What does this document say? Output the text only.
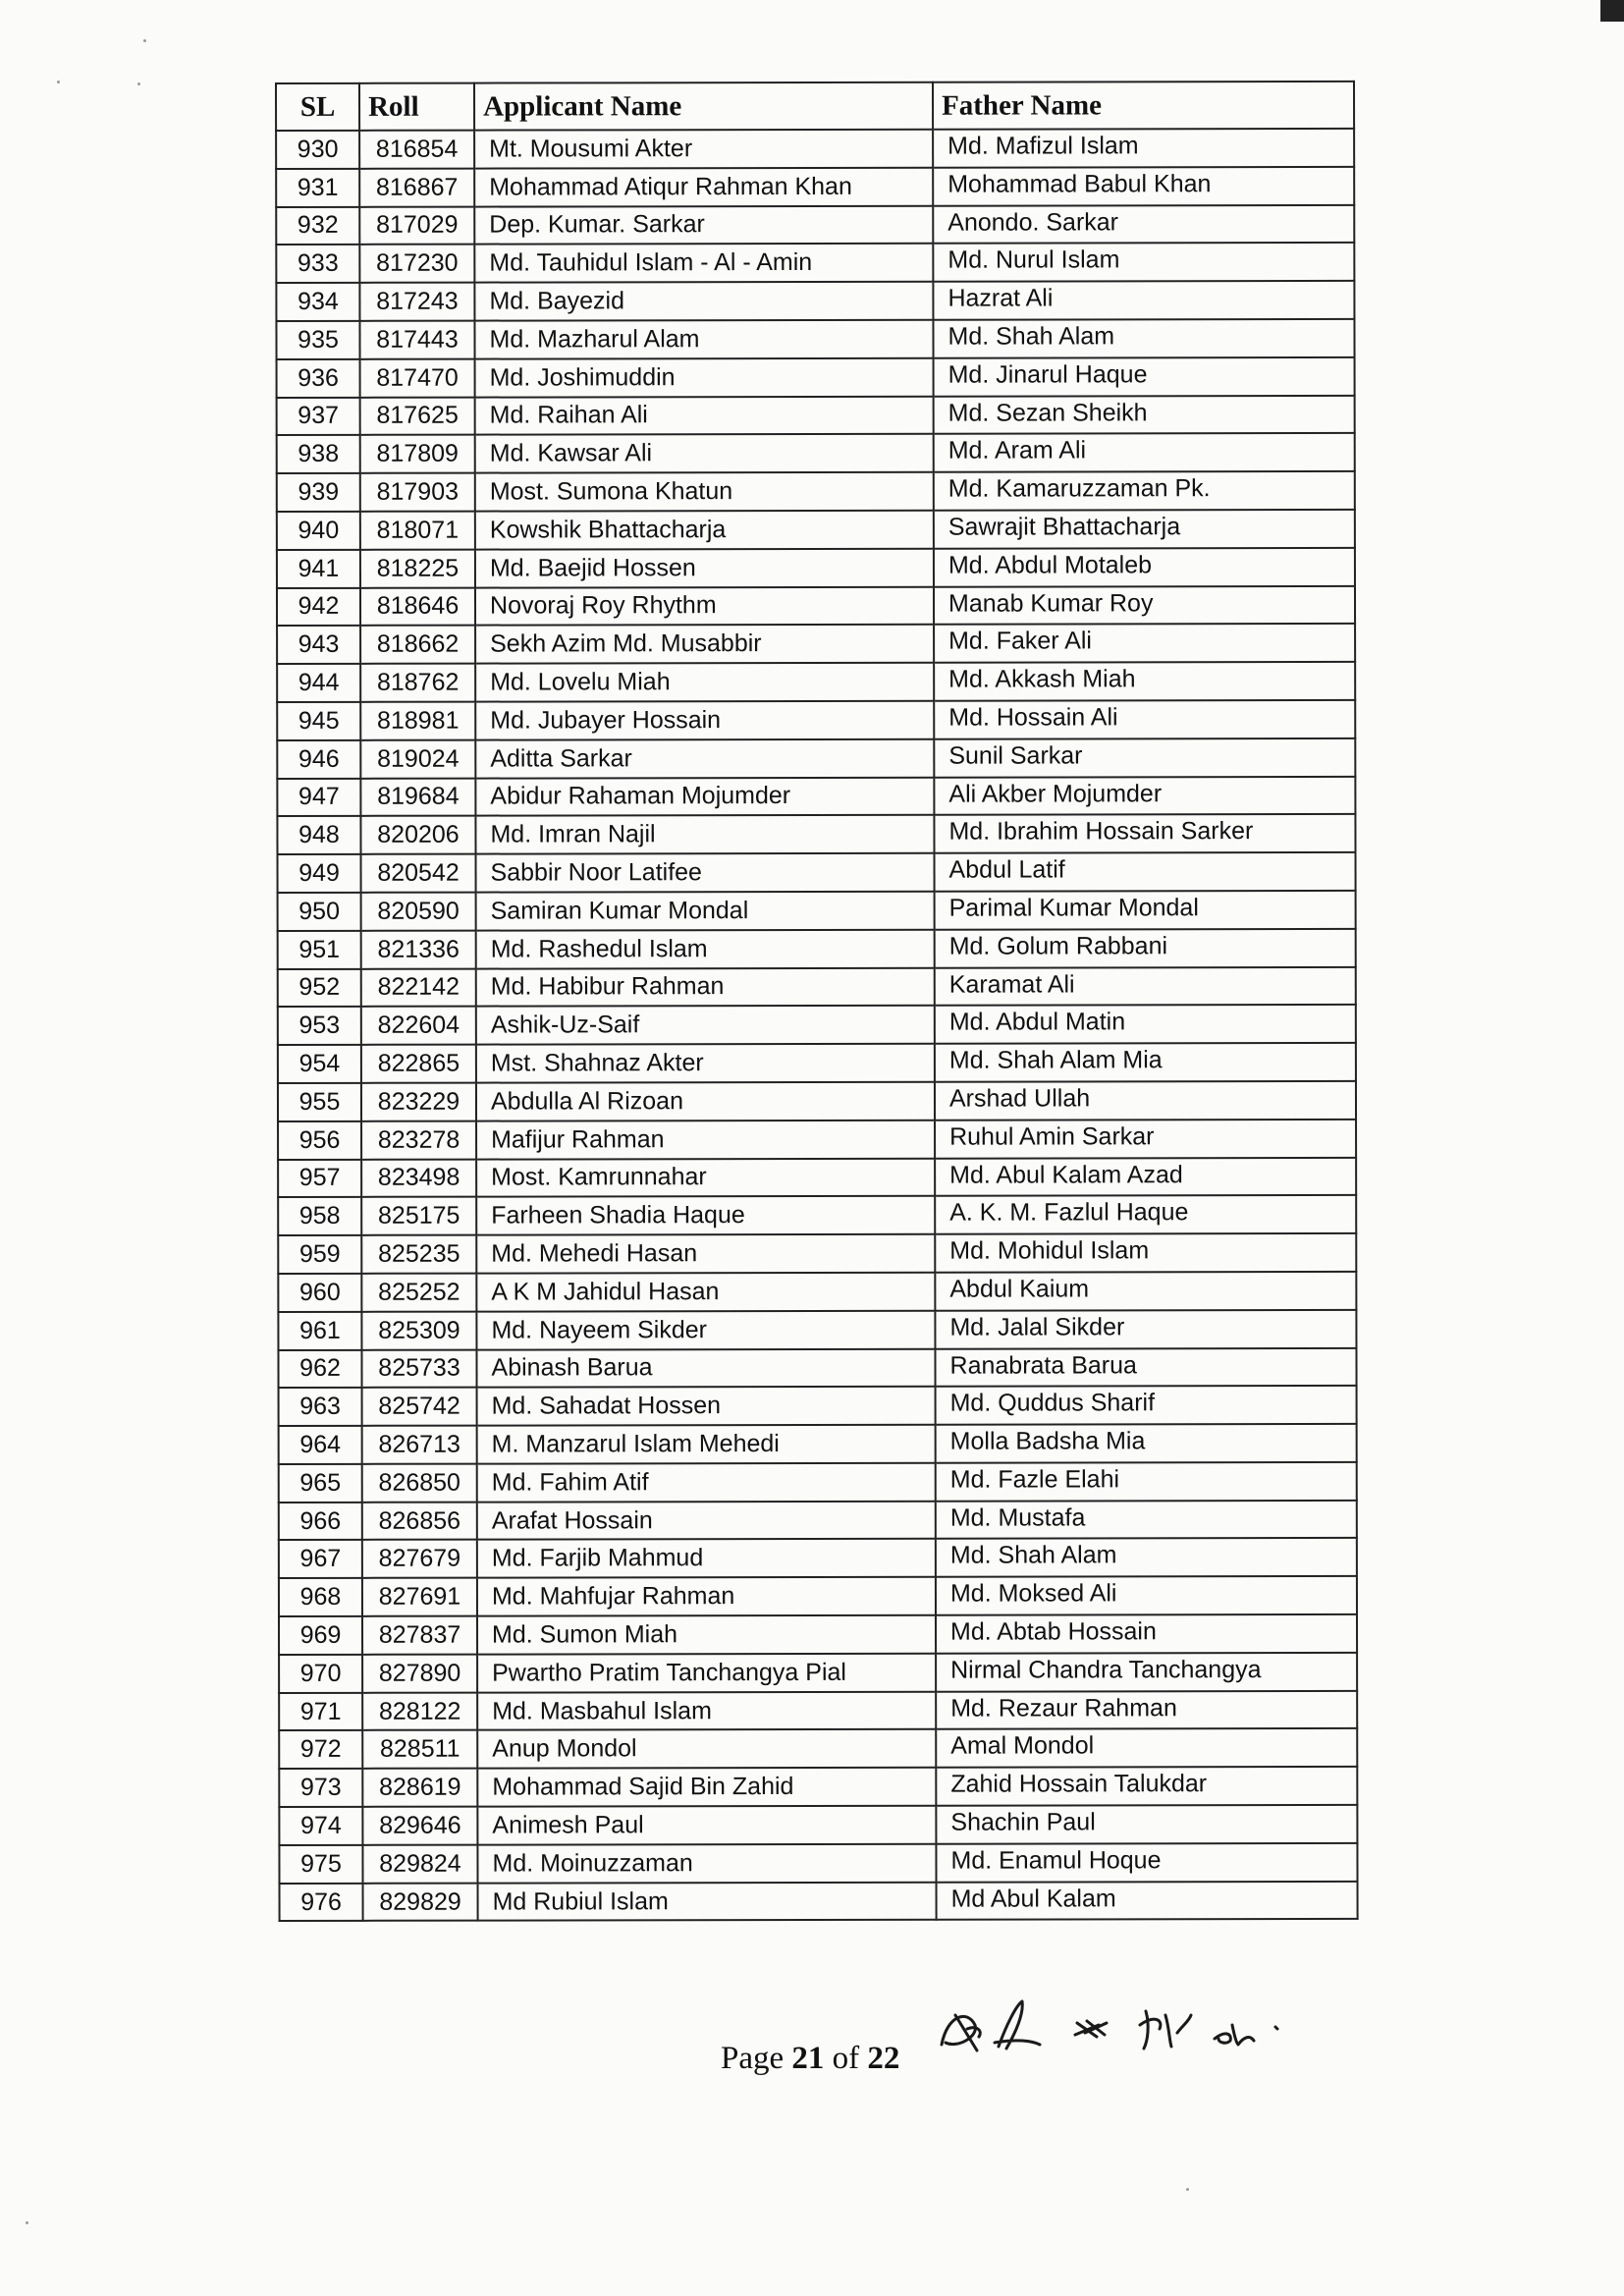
SL	Roll	Applicant Name	Father Name
930	816854	Mt. Mousumi Akter	Md. Mafizul Islam
931	816867	Mohammad Atiqur Rahman Khan	Mohammad Babul Khan
932	817029	Dep. Kumar. Sarkar	Anondo. Sarkar
933	817230	Md. Tauhidul Islam - Al - Amin	Md. Nurul Islam
934	817243	Md. Bayezid	Hazrat Ali
935	817443	Md. Mazharul Alam	Md. Shah Alam
936	817470	Md. Joshimuddin	Md. Jinarul Haque
937	817625	Md. Raihan Ali	Md. Sezan Sheikh
938	817809	Md. Kawsar Ali	Md. Aram Ali
939	817903	Most. Sumona Khatun	Md. Kamaruzzaman Pk.
940	818071	Kowshik Bhattacharja	Sawrajit Bhattacharja
941	818225	Md. Baejid Hossen	Md. Abdul Motaleb
942	818646	Novoraj Roy Rhythm	Manab Kumar Roy
943	818662	Sekh Azim Md. Musabbir	Md. Faker Ali
944	818762	Md. Lovelu Miah	Md. Akkash Miah
945	818981	Md. Jubayer Hossain	Md. Hossain Ali
946	819024	Aditta Sarkar	Sunil Sarkar
947	819684	Abidur Rahaman Mojumder	Ali Akber Mojumder
948	820206	Md. Imran Najil	Md. Ibrahim Hossain Sarker
949	820542	Sabbir Noor Latifee	Abdul Latif
950	820590	Samiran Kumar Mondal	Parimal Kumar Mondal
951	821336	Md. Rashedul Islam	Md. Golum Rabbani
952	822142	Md. Habibur Rahman	Karamat Ali
953	822604	Ashik-Uz-Saif	Md. Abdul Matin
954	822865	Mst. Shahnaz Akter	Md. Shah Alam Mia
955	823229	Abdulla Al Rizoan	Arshad Ullah
956	823278	Mafijur Rahman	Ruhul Amin Sarkar
957	823498	Most. Kamrunnahar	Md. Abul Kalam Azad
958	825175	Farheen Shadia Haque	A. K. M. Fazlul Haque
959	825235	Md. Mehedi Hasan	Md. Mohidul Islam
960	825252	A K M Jahidul Hasan	Abdul Kaium
961	825309	Md. Nayeem Sikder	Md. Jalal Sikder
962	825733	Abinash Barua	Ranabrata Barua
963	825742	Md. Sahadat Hossen	Md. Quddus Sharif
964	826713	M. Manzarul Islam Mehedi	Molla Badsha Mia
965	826850	Md. Fahim Atif	Md. Fazle Elahi
966	826856	Arafat Hossain	Md. Mustafa
967	827679	Md. Farjib Mahmud	Md. Shah Alam
968	827691	Md. Mahfujar Rahman	Md. Moksed Ali
969	827837	Md. Sumon Miah	Md. Abtab Hossain
970	827890	Pwartho Pratim Tanchangya Pial	Nirmal Chandra Tanchangya
971	828122	Md. Masbahul Islam	Md. Rezaur Rahman
972	828511	Anup Mondol	Amal Mondol
973	828619	Mohammad Sajid Bin Zahid	Zahid Hossain Talukdar
974	829646	Animesh Paul	Shachin Paul
975	829824	Md. Moinuzzaman	Md. Enamul Hoque
976	829829	Md Rubiul Islam	Md Abul Kalam
Page 21 of 22
